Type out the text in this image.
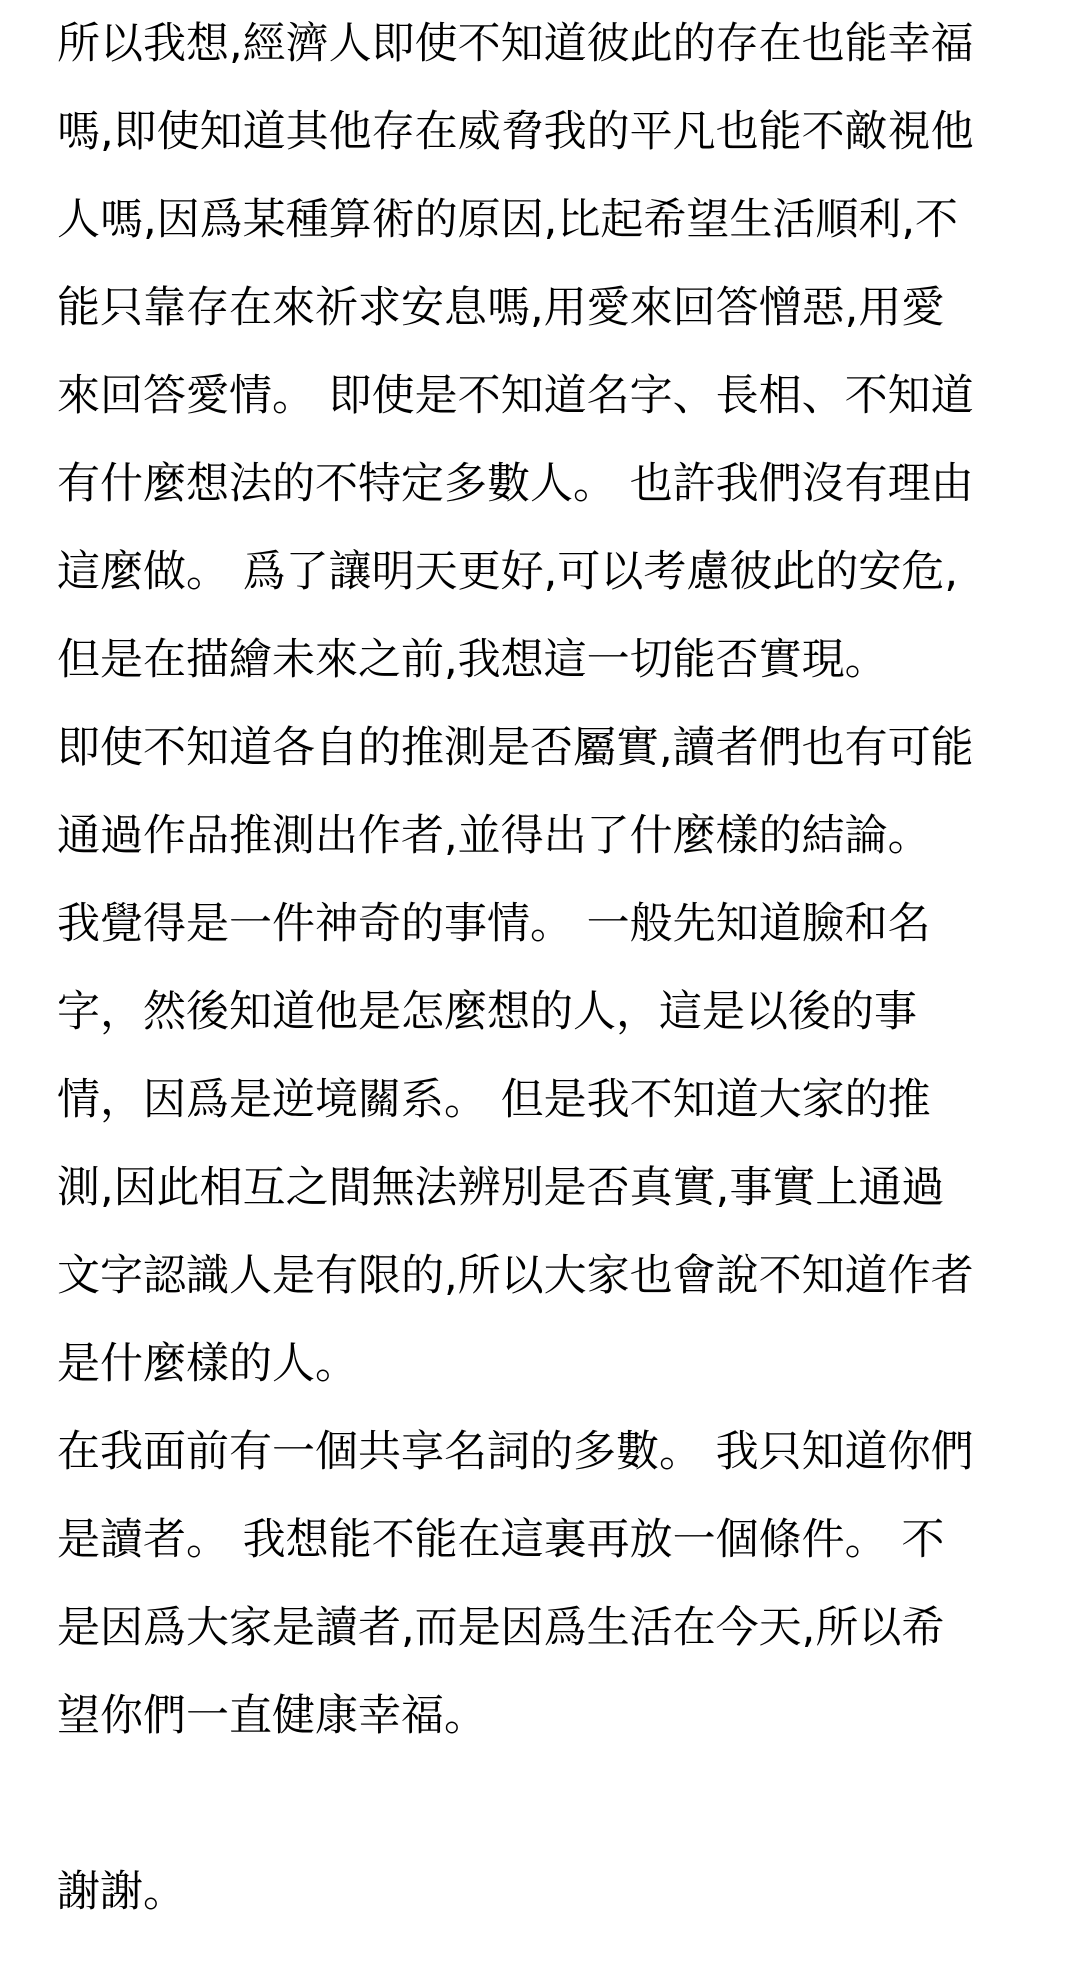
所以我想,經濟人即使不知道彼此的存在也能幸福
嗎,即使知道其他存在威脅我的平凡也能不敵視他
人嗎,因爲某種算術的原因,比起希望生活順利,不
能只靠存在來祈求安息嗎,用愛來回答憎惡,用愛
來回答愛情。 即使是不知道名字、長相、不知道
有什麼想法的不特定多數人。 也許我們沒有理由
這麼做。 爲了讓明天更好,可以考慮彼此的安危,
但是在描繪未來之前,我想這一切能否實現。
即使不知道各自的推測是否屬實,讀者們也有可能
通過作品推測出作者,並得出了什麼樣的結論。
我覺得是一件神奇的事情。 一般先知道臉和名
字，然後知道他是怎麼想的人，這是以後的事
情，因爲是逆境關系。 但是我不知道大家的推
測,因此相互之間無法辨別是否真實,事實上通過
文字認識人是有限的,所以大家也會說不知道作者
是什麼樣的人。
在我面前有一個共享名詞的多數。 我只知道你們
是讀者。 我想能不能在這裏再放一個條件。 不
是因爲大家是讀者,而是因爲生活在今天,所以希
望你們一直健康幸福。
謝謝。
